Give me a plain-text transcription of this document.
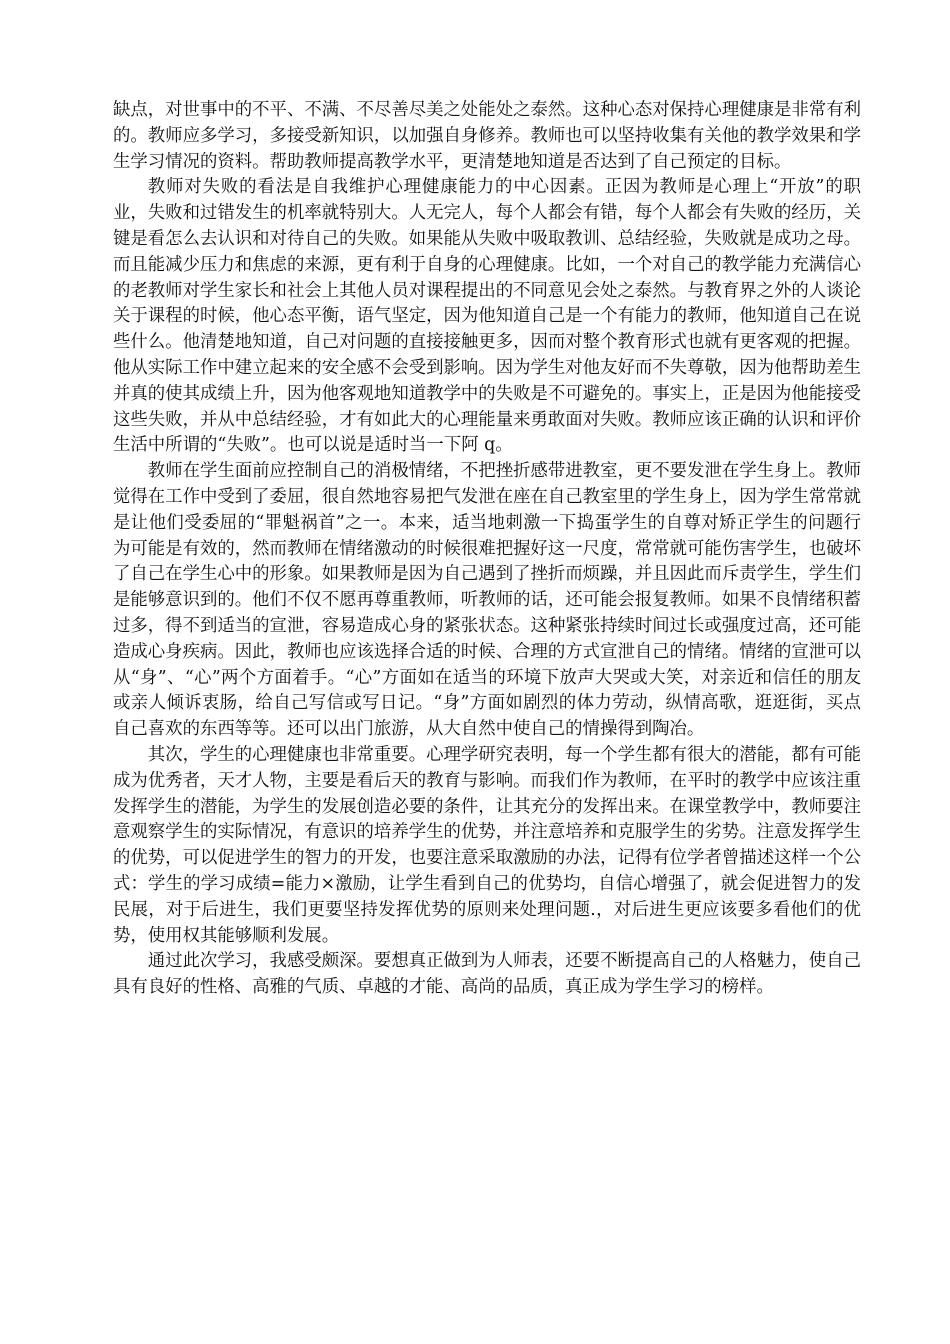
缺点，对世事中的不平、不满、不尽善尽美之处能处之泰然。这种心态对保持心理健康是非常有利的。教师应多学习，多接受新知识，以加强自身修养。教师也可以坚持收集有关他的教学效果和学生学习情况的资料。帮助教师提高教学水平，更清楚地知道是否达到了自己预定的目标。

教师对失败的看法是自我维护心理健康能力的中心因素。正因为教师是心理上“开放”的职业，失败和过错发生的机率就特别大。人无完人，每个人都会有错，每个人都会有失败的经历，关键是看怎么去认识和对待自己的失败。如果能从失败中吸取教训、总结经验，失败就是成功之母。而且能减少压力和焦虑的来源，更有利于自身的心理健康。比如，一个对自己的教学能力充满信心的老教师对学生家长和社会上其他人员对课程提出的不同意见会处之泰然。与教育界之外的人谈论关于课程的时候，他心态平衡，语气坚定，因为他知道自己是一个有能力的教师，他知道自己在说些什么。他清楚地知道，自己对问题的直接接触更多，因而对整个教育形式也就有更客观的把握。他从实际工作中建立起来的安全感不会受到影响。因为学生对他友好而不失尊敬，因为他帮助差生并真的使其成绩上升，因为他客观地知道教学中的失败是不可避免的。事实上，正是因为他能接受这些失败，并从中总结经验，才有如此大的心理能量来勇敢面对失败。教师应该正确的认识和评价生活中所谓的“失败”。也可以说是适时当一下阿 q。

教师在学生面前应控制自己的消极情绪，不把挫折感带进教室，更不要发泄在学生身上。教师觉得在工作中受到了委屈，很自然地容易把气发泄在座在自己教室里的学生身上，因为学生常常就是让他们受委屈的“罪魁祸首”之一。本来，适当地刺激一下捣蛋学生的自尊对矫正学生的问题行为可能是有效的，然而教师在情绪激动的时候很难把握好这一尺度，常常就可能伤害学生，也破坏了自己在学生心中的形象。如果教师是因为自己遇到了挫折而烦躁，并且因此而斥责学生，学生们是能够意识到的。他们不仅不愿再尊重教师，听教师的话，还可能会报复教师。如果不良情绪积蓄过多，得不到适当的宣泄，容易造成心身的紧张状态。这种紧张持续时间过长或强度过高，还可能造成心身疾病。因此，教师也应该选择合适的时候、合理的方式宣泄自己的情绪。情绪的宣泄可以从“身”、“心”两个方面着手。“心”方面如在适当的环境下放声大哭或大笑，对亲近和信任的朋友或亲人倾诉衷肠，给自己写信或写日记。“身”方面如剧烈的体力劳动，纵情高歌，逛逛街，买点自己喜欢的东西等等。还可以出门旅游，从大自然中使自己的情操得到陶冶。

其次，学生的心理健康也非常重要。心理学研究表明，每一个学生都有很大的潜能，都有可能成为优秀者，天才人物，主要是看后天的教育与影响。而我们作为教师，在平时的教学中应该注重发挥学生的潜能，为学生的发展创造必要的条件，让其充分的发挥出来。在课堂教学中，教师要注意观察学生的实际情况，有意识的培养学生的优势，并注意培养和克服学生的劣势。注意发挥学生的优势，可以促进学生的智力的开发，也要注意采取激励的办法，记得有位学者曾描述这样一个公式：学生的学习成绩=能力×激励，让学生看到自己的优势均，自信心增强了，就会促进智力的发民展，对于后进生，我们更要坚持发挥优势的原则来处理问题.，对后进生更应该要多看他们的优势，使用权其能够顺利发展。

通过此次学习，我感受颇深。要想真正做到为人师表，还要不断提高自己的人格魅力，使自己具有良好的性格、高雅的气质、卓越的才能、高尚的品质，真正成为学生学习的榜样。
